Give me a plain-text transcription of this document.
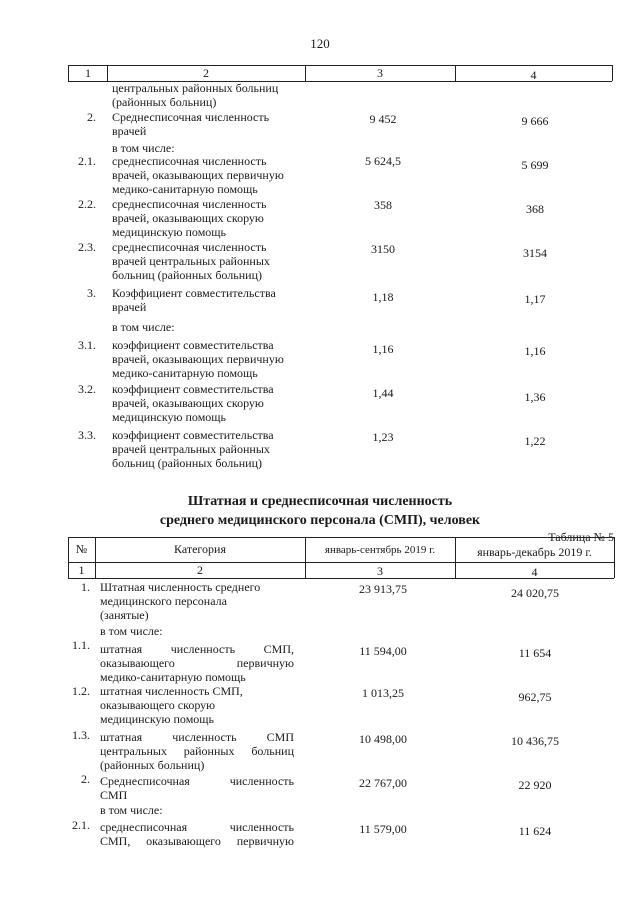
120
1	2	3	4
центральных районных больниц
(районных больниц)
2. Среднесписочная численность
врачей
9 452	9 666
в том числе:
2.1. среднесписочная численность
врачей, оказывающих первичную
медико-санитарную помощь
5 624,5	5 699
2.2. среднесписочная численность
врачей, оказывающих скорую
медицинскую помощь
358	368
2.3. среднесписочная численность
врачей центральных районных
больниц (районных больниц)
3150	3154
3. Коэффициент совместительства
врачей
1,18	1,17
в том числе:
3.1. коэффициент совместительства
врачей, оказывающих первичную
медико-санитарную помощь
1,16	1,16
3.2. коэффициент совместительства
врачей, оказывающих скорую
медицинскую помощь
1,44	1,36
3.3. коэффициент совместительства
врачей центральных районных
больниц (районных больниц)
1,23	1,22
Штатная и среднесписочная численность
среднего медицинского персонала (СМП), человек
Таблица № 5
№	Категория	январь-сентябрь 2019 г.	январь-декабрь 2019 г.
1	2	3	4
1. Штатная численность среднего
медицинского персонала
(занятые)
23 913,75	24 020,75
в том числе:
1.1. штатная численность СМП,
оказывающего первичную
медико-санитарную помощь
11 594,00	11 654
1.2. штатная численность СМП,
оказывающего скорую
медицинскую помощь
1 013,25	962,75
1.3. штатная численность СМП
центральных районных больниц
(районных больниц)
10 498,00	10 436,75
2. Среднесписочная численность
СМП
22 767,00	22 920
в том числе:
2.1. среднесписочная численность
СМП, оказывающего первичную
11 579,00	11 624
